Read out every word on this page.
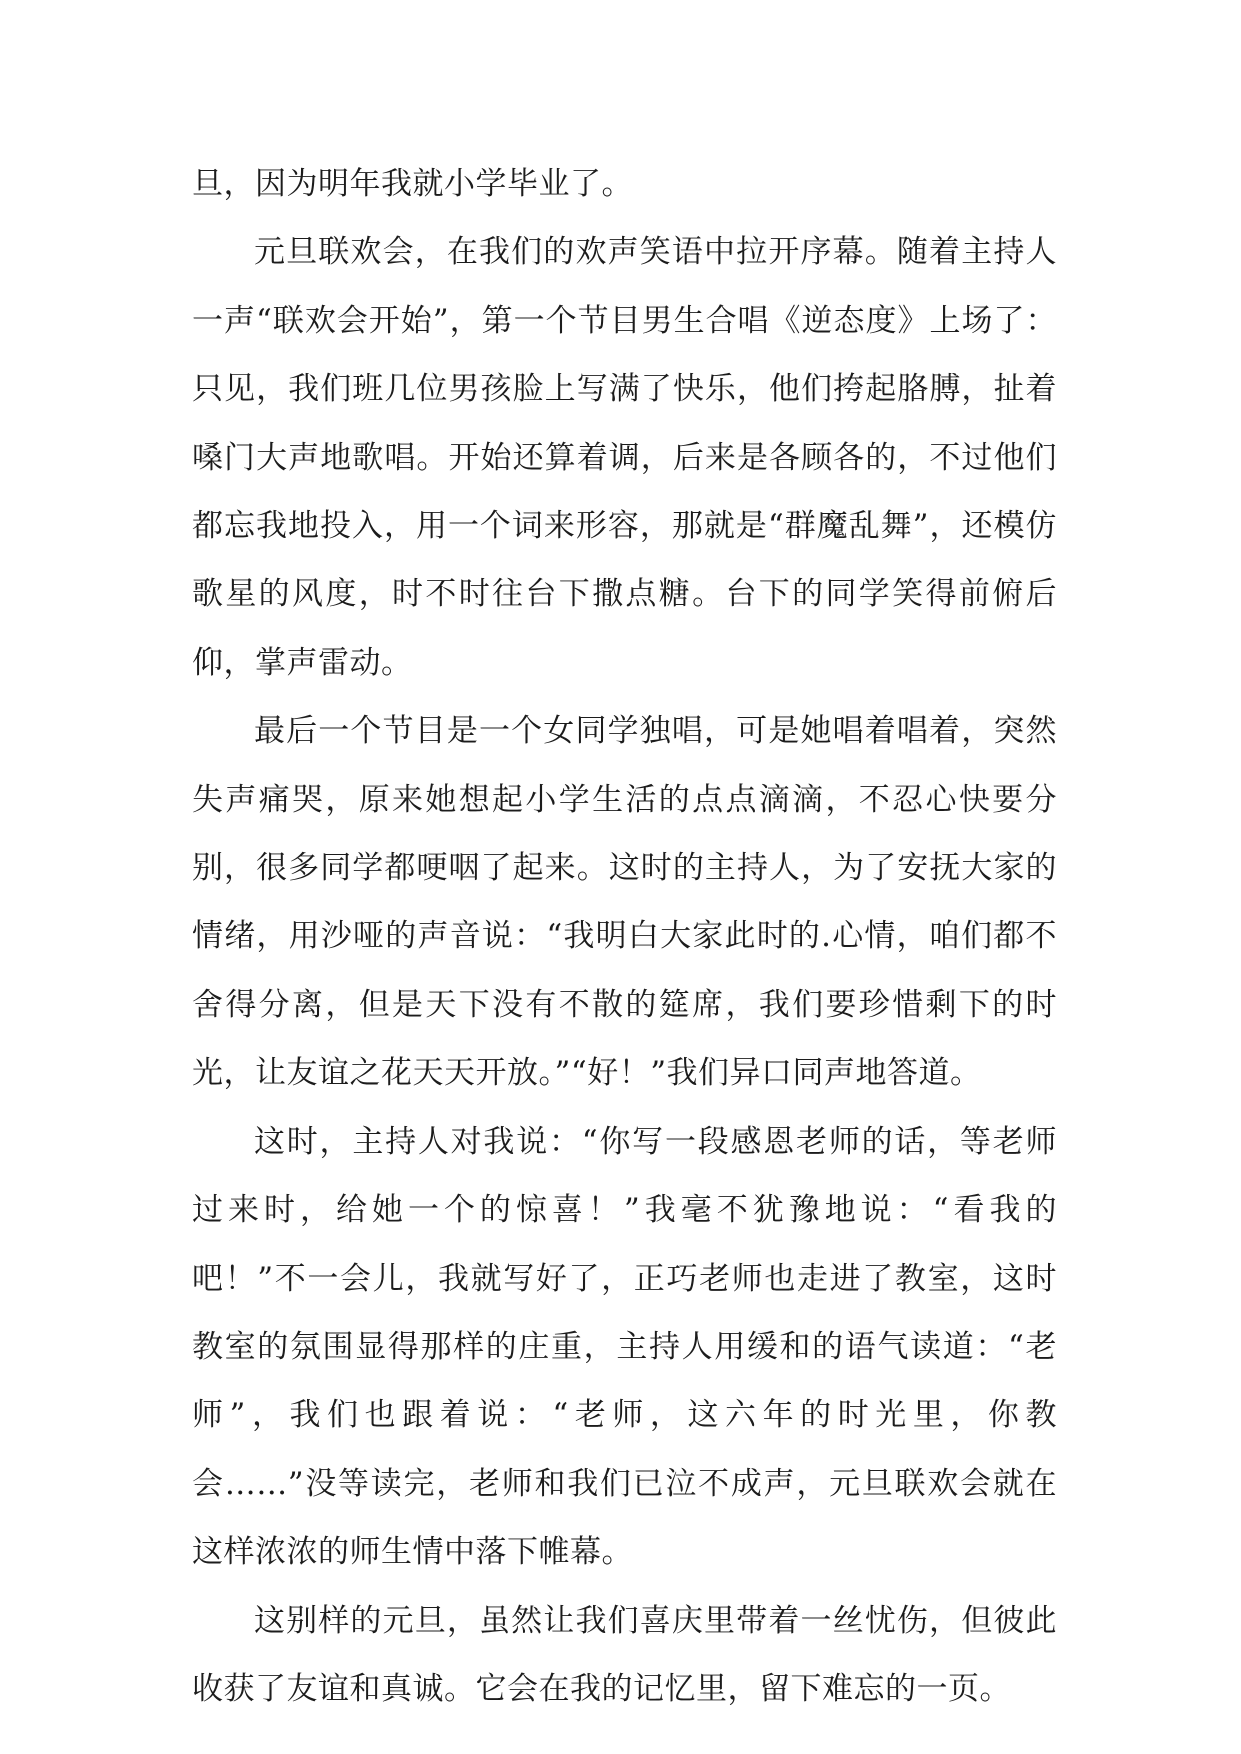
旦，因为明年我就小学毕业了。

元旦联欢会，在我们的欢声笑语中拉开序幕。随着主持人一声“联欢会开始”，第一个节目男生合唱《逆态度》上场了：只见，我们班几位男孩脸上写满了快乐，他们挎起胳膊，扯着嗓门大声地歌唱。开始还算着调，后来是各顾各的，不过他们都忘我地投入，用一个词来形容，那就是“群魔乱舞”，还模仿歌星的风度，时不时往台下撒点糖。台下的同学笑得前俯后仰，掌声雷动。

最后一个节目是一个女同学独唱，可是她唱着唱着，突然失声痛哭，原来她想起小学生活的点点滴滴，不忍心快要分别，很多同学都哽咽了起来。这时的主持人，为了安抚大家的情绪，用沙哑的声音说：“我明白大家此时的.心情，咱们都不舍得分离，但是天下没有不散的筵席，我们要珍惜剩下的时光，让友谊之花天天开放。”“好！”我们异口同声地答道。

这时，主持人对我说：“你写一段感恩老师的话，等老师过来时，给她一个的惊喜！”我毫不犹豫地说：“看我的吧！”不一会儿，我就写好了，正巧老师也走进了教室，这时教室的氛围显得那样的庄重，主持人用缓和的语气读道：“老师”，我们也跟着说：“老师，这六年的时光里，你教会……”没等读完，老师和我们已泣不成声，元旦联欢会就在这样浓浓的师生情中落下帷幕。

这别样的元旦，虽然让我们喜庆里带着一丝忧伤，但彼此收获了友谊和真诚。它会在我的记忆里，留下难忘的一页。
